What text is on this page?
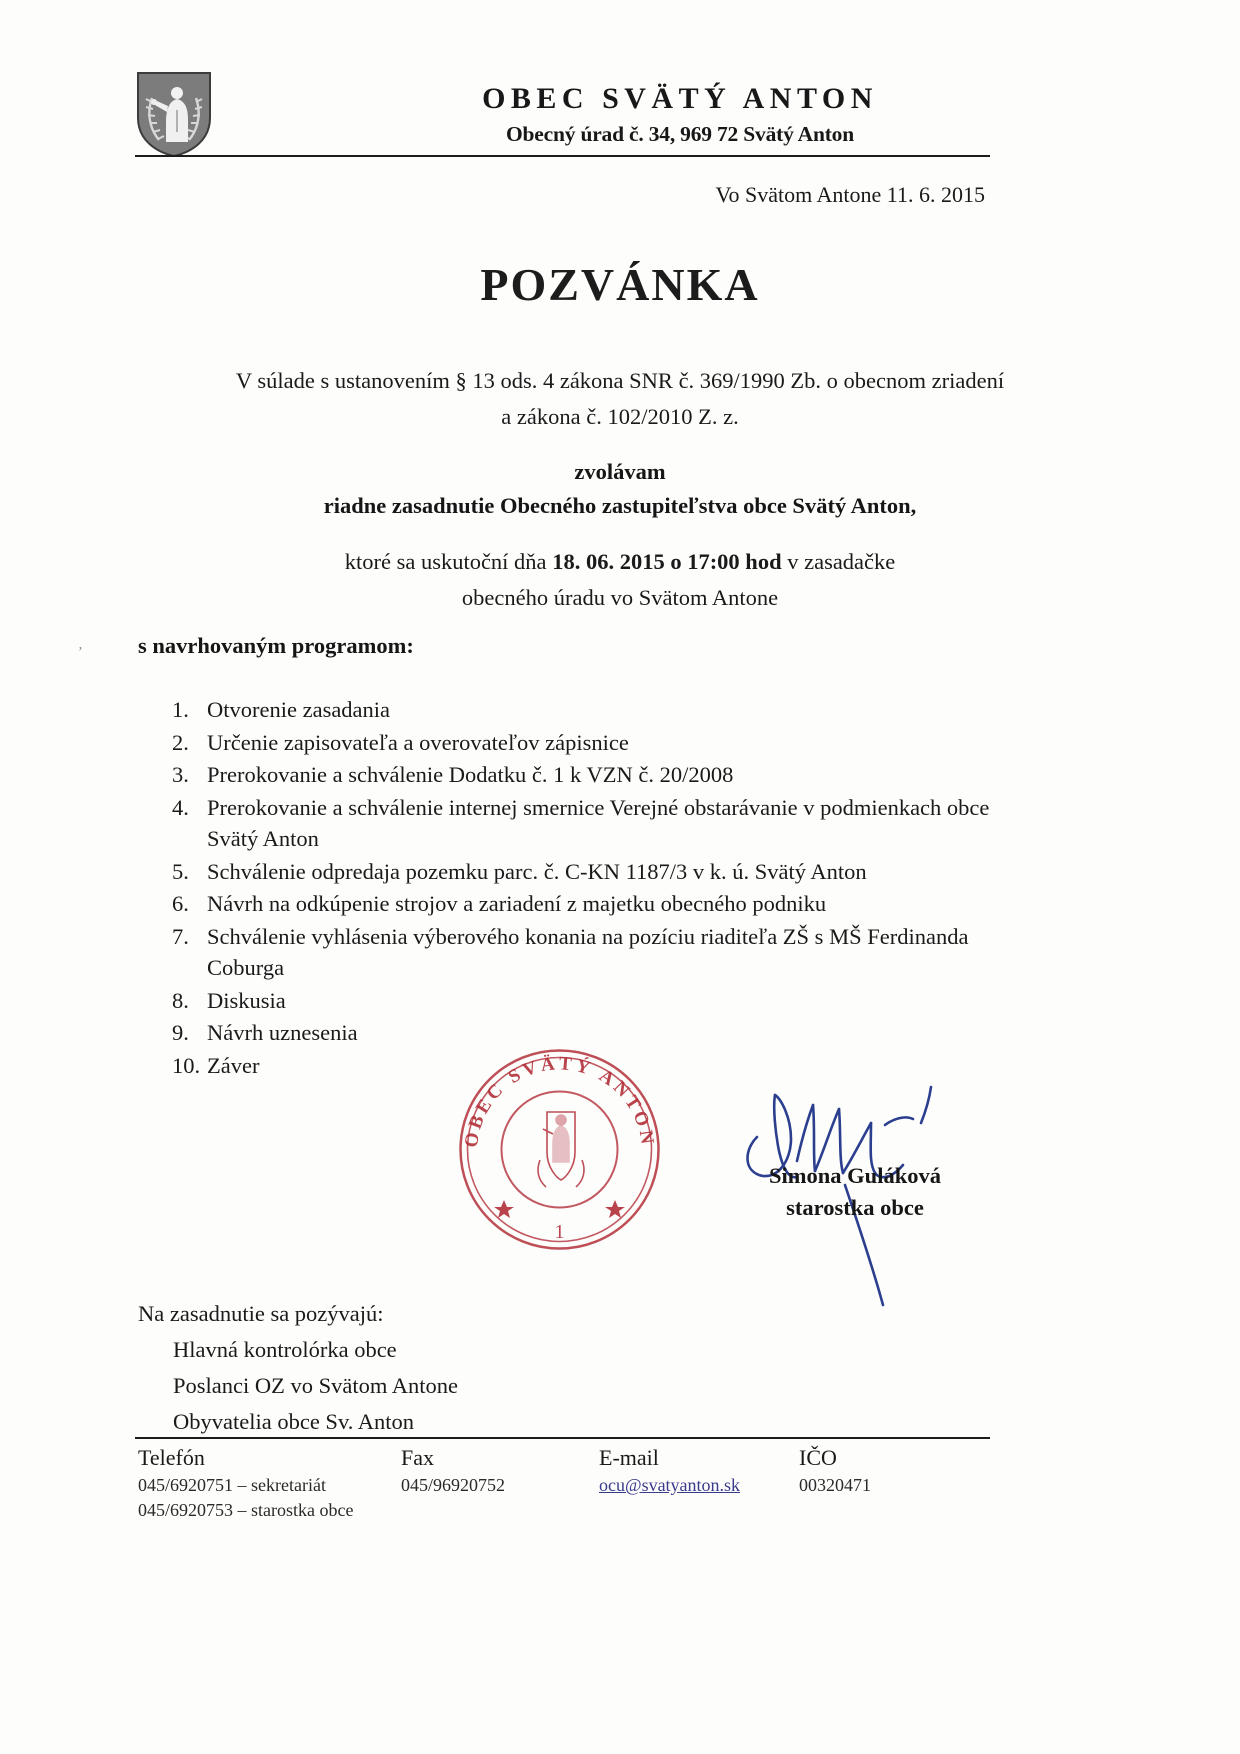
OBEC SVÄTÝ ANTON
Obecný úrad č. 34, 969 72 Svätý Anton
Vo Svätom Antone 11. 6. 2015
POZVÁNKA
V súlade s ustanovením § 13 ods. 4 zákona SNR č. 369/1990 Zb. o obecnom zriadení
a zákona č. 102/2010 Z. z.
zvolávam
riadne zasadnutie Obecného zastupiteľstva obce Svätý Anton,
ktoré sa uskutoční dňa 18. 06. 2015 o 17:00 hod v zasadačke
obecného úradu vo Svätom Antone
ʼ s navrhovaným programom:
1. Otvorenie zasadania
2. Určenie zapisovateľa a overovateľov zápisnice
3. Prerokovanie a schválenie Dodatku č. 1 k VZN č. 20/2008
4. Prerokovanie a schválenie internej smernice Verejné obstarávanie v podmienkach obce Svätý Anton
5. Schválenie odpredaja pozemku parc. č. C-KN 1187/3 v k. ú. Svätý Anton
6. Návrh na odkúpenie strojov a zariadení z majetku obecného podniku
7. Schválenie vyhlásenia výberového konania na pozíciu riaditeľa ZŠ s MŠ Ferdinanda Coburga
8. Diskusia
9. Návrh uznesenia
10. Záver
OBEC SVÄTÝ ANTON
1
Simona Guláková
starostka obce

Na zasadnutie sa pozývajú:

Hlavná kontrolórka obce

Poslanci OZ vo Svätom Antone

Obyvatelia obce Sv. Anton

Telefón	Fax	E-mail	IČO
045/6920751 – sekretariát
045/6920753 – starostka obce
045/96920752	ocu@svatyanton.sk	00320471
